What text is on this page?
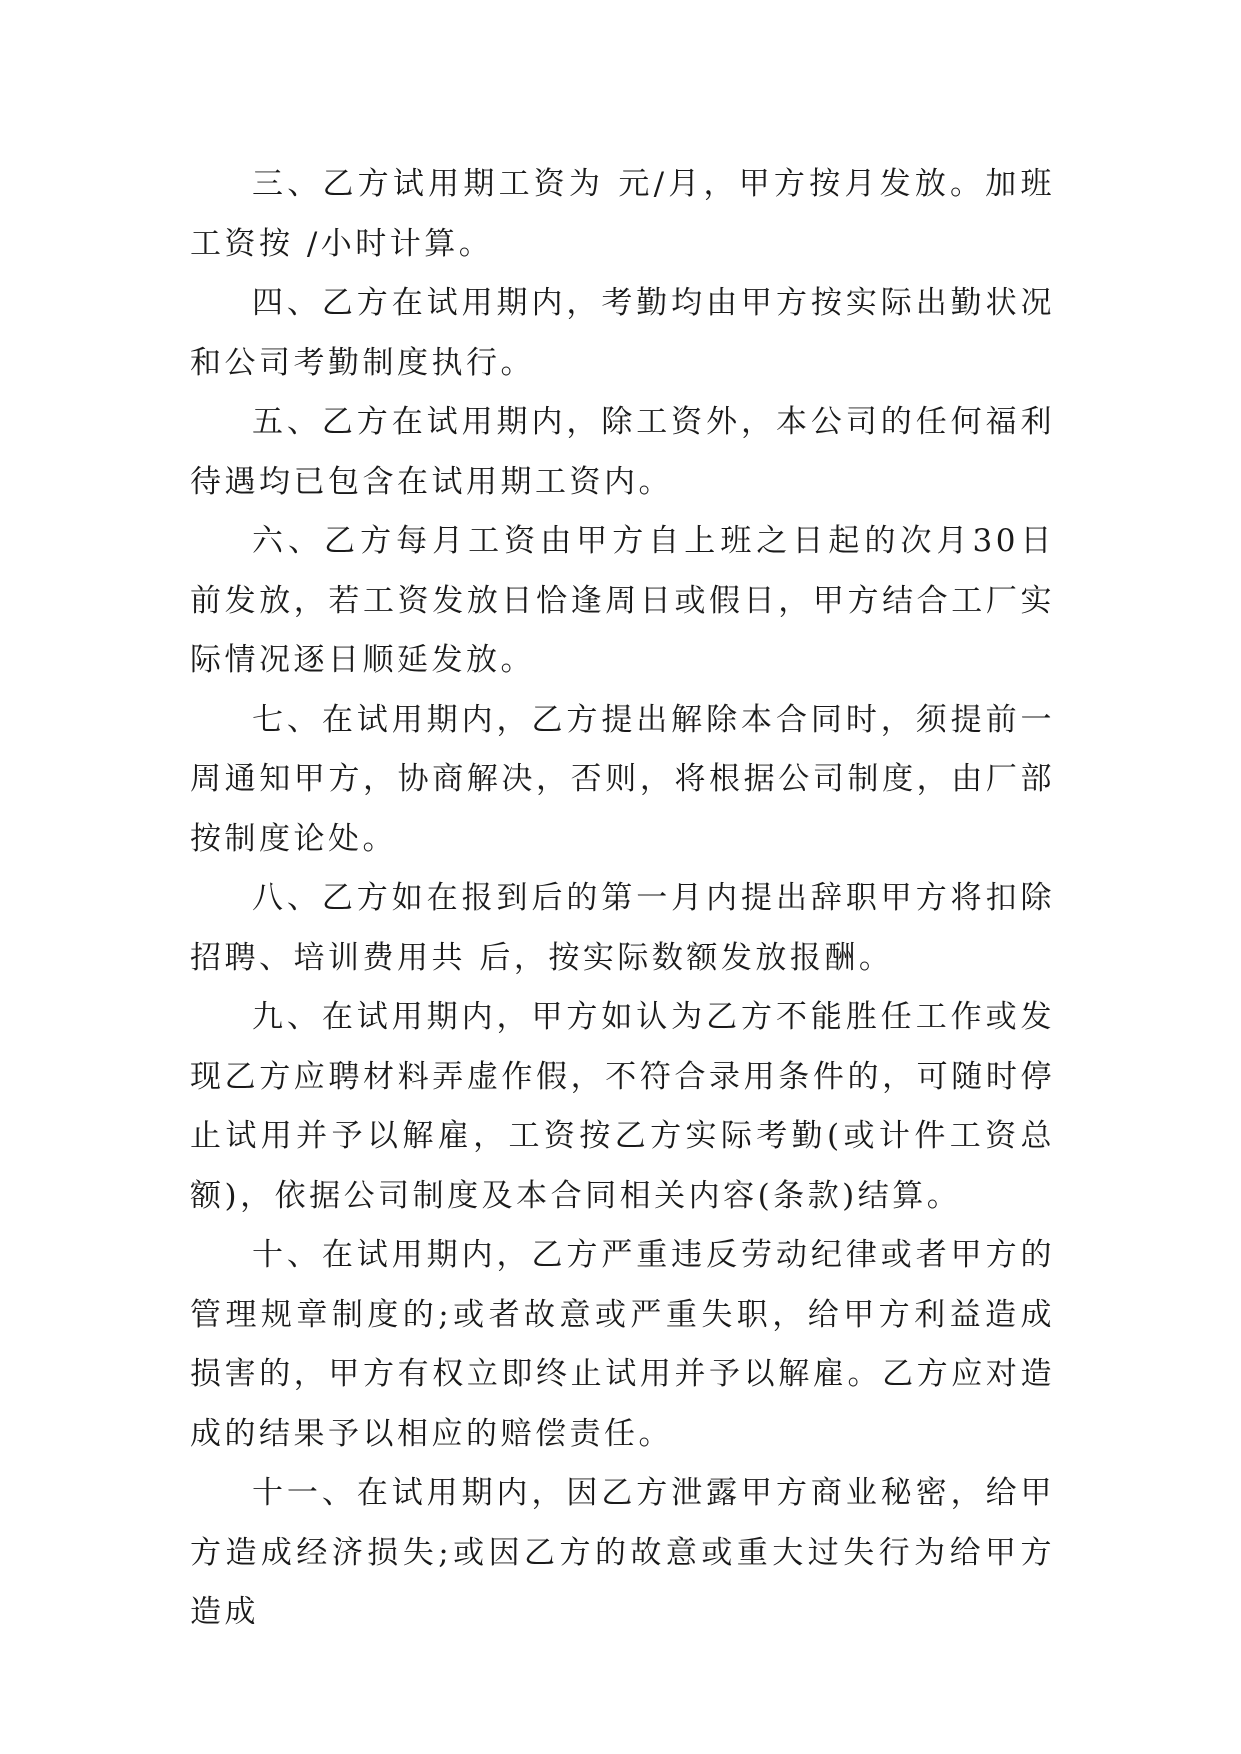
三、乙方试用期工资为 元/月，甲方按月发放。加班工资按 /小时计算。

四、乙方在试用期内，考勤均由甲方按实际出勤状况和公司考勤制度执行。

五、乙方在试用期内，除工资外，本公司的任何福利待遇均已包含在试用期工资内。

六、乙方每月工资由甲方自上班之日起的次月30日前发放，若工资发放日恰逢周日或假日，甲方结合工厂实际情况逐日顺延发放。

七、在试用期内，乙方提出解除本合同时，须提前一周通知甲方，协商解决，否则，将根据公司制度，由厂部按制度论处。

八、乙方如在报到后的第一月内提出辞职甲方将扣除招聘、培训费用共 后，按实际数额发放报酬。

九、在试用期内，甲方如认为乙方不能胜任工作或发现乙方应聘材料弄虚作假，不符合录用条件的，可随时停止试用并予以解雇，工资按乙方实际考勤(或计件工资总额)，依据公司制度及本合同相关内容(条款)结算。

十、在试用期内，乙方严重违反劳动纪律或者甲方的管理规章制度的;或者故意或严重失职，给甲方利益造成损害的，甲方有权立即终止试用并予以解雇。乙方应对造成的结果予以相应的赔偿责任。

十一、在试用期内，因乙方泄露甲方商业秘密，给甲方造成经济损失;或因乙方的故意或重大过失行为给甲方造成
